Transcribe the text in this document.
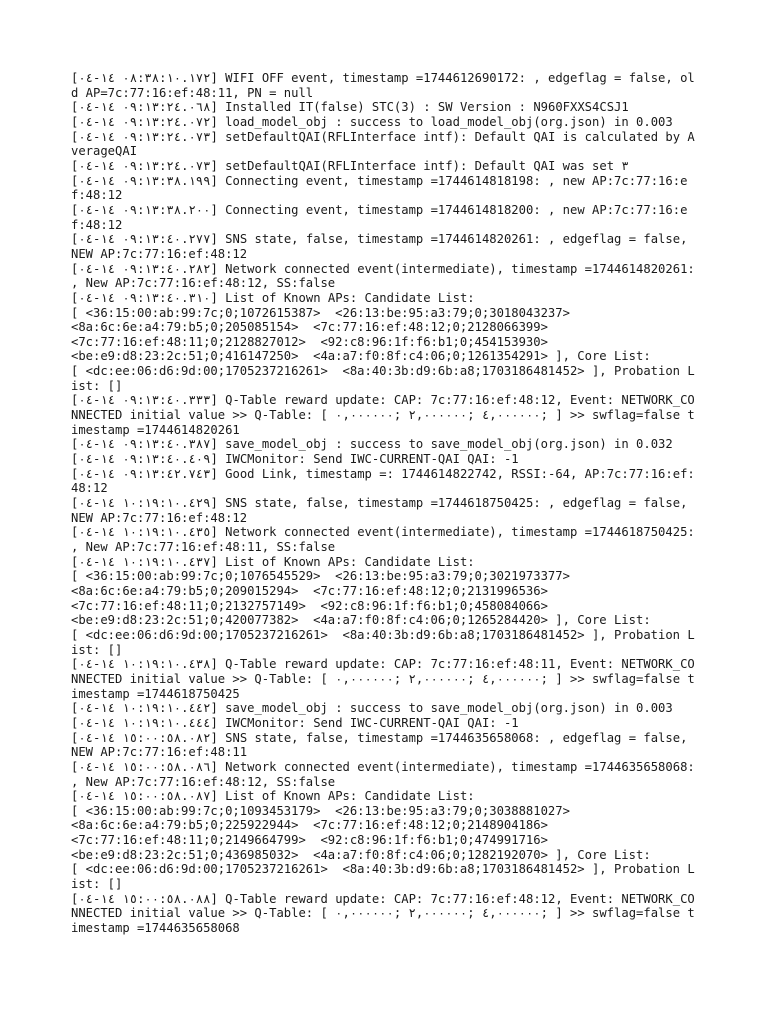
[٠٨:٣٨:١٠.١٧٢ ١٤-٠٤] WIFI OFF event, timestamp =1744612690172: , edgeflag = false, old AP=7c:77:16:ef:48:11, PN = null
[٠٩:١٣:٢٤.٠٦٨ ١٤-٠٤] Installed IT(false) STC(3) : SW Version : N960FXXS4CSJ1
[٠٩:١٣:٢٤.٠٧٢ ١٤-٠٤] load_model_obj : success to load_model_obj(org.json) in 0.003
[٠٩:١٣:٢٤.٠٧٣ ١٤-٠٤] setDefaultQAI(RFLInterface intf): Default QAI is calculated by AverageQAI
[٠٩:١٣:٢٤.٠٧٣ ١٤-٠٤] setDefaultQAI(RFLInterface intf): Default QAI was set ٣
[٠٩:١٣:٣٨.١٩٩ ١٤-٠٤] Connecting event, timestamp =1744614818198: , new AP:7c:77:16:ef:48:12
[٠٩:١٣:٣٨.٢٠٠ ١٤-٠٤] Connecting event, timestamp =1744614818200: , new AP:7c:77:16:ef:48:12
[٠٩:١٣:٤٠.٢٧٧ ١٤-٠٤] SNS state, false, timestamp =1744614820261: , edgeflag = false, NEW AP:7c:77:16:ef:48:12
[٠٩:١٣:٤٠.٢٨٢ ١٤-٠٤] Network connected event(intermediate), timestamp =1744614820261: , New AP:7c:77:16:ef:48:12, SS:false
[٠٩:١٣:٤٠.٣١٠ ١٤-٠٤] List of Known APs: Candidate List:
[ <36:15:00:ab:99:7c;0;1072615387>  <26:13:be:95:a3:79;0;3018043237>
<8a:6c:6e:a4:79:b5;0;205085154>  <7c:77:16:ef:48:12;0;2128066399>
<7c:77:16:ef:48:11;0;2128827012>  <92:c8:96:1f:f6:b1;0;454153930>
<be:e9:d8:23:2c:51;0;416147250>  <4a:a7:f0:8f:c4:06;0;1261354291> ], Core List:
[ <dc:ee:06:d6:9d:00;1705237216261>  <8a:40:3b:d9:6b:a8;1703186481452> ], Probation List: []
[٠٩:١٣:٤٠.٣٣٣ ١٤-٠٤] Q-Table reward update: CAP: 7c:77:16:ef:48:12, Event: NETWORK_CONNECTED initial value >> Q-Table: [ ٤,٠٠٠٠٠٠ ;٢,٠٠٠٠٠٠ ;٠,٠٠٠٠٠٠; ] >> swflag=false timestamp =1744614820261
[٠٩:١٣:٤٠.٣٨٧ ١٤-٠٤] save_model_obj : success to save_model_obj(org.json) in 0.032
[٠٩:١٣:٤٠.٤٠٩ ١٤-٠٤] IWCMonitor: Send IWC-CURRENT-QAI QAI: -1
[٠٩:١٣:٤٢.٧٤٣ ١٤-٠٤] Good Link, timestamp =: 1744614822742, RSSI:-64, AP:7c:77:16:ef:48:12
[١٠:١٩:١٠.٤٢٩ ١٤-٠٤] SNS state, false, timestamp =1744618750425: , edgeflag = false, NEW AP:7c:77:16:ef:48:12
[١٠:١٩:١٠.٤٣٥ ١٤-٠٤] Network connected event(intermediate), timestamp =1744618750425: , New AP:7c:77:16:ef:48:11, SS:false
[١٠:١٩:١٠.٤٣٧ ١٤-٠٤] List of Known APs: Candidate List:
[ <36:15:00:ab:99:7c;0;1076545529>  <26:13:be:95:a3:79;0;3021973377>
<8a:6c:6e:a4:79:b5;0;209015294>  <7c:77:16:ef:48:12;0;2131996536>
<7c:77:16:ef:48:11;0;2132757149>  <92:c8:96:1f:f6:b1;0;458084066>
<be:e9:d8:23:2c:51;0;420077382>  <4a:a7:f0:8f:c4:06;0;1265284420> ], Core List:
[ <dc:ee:06:d6:9d:00;1705237216261>  <8a:40:3b:d9:6b:a8;1703186481452> ], Probation List: []
[١٠:١٩:١٠.٤٣٨ ١٤-٠٤] Q-Table reward update: CAP: 7c:77:16:ef:48:11, Event: NETWORK_CONNECTED initial value >> Q-Table: [ ٤,٠٠٠٠٠٠ ;٢,٠٠٠٠٠٠ ;٠,٠٠٠٠٠٠; ] >> swflag=false timestamp =1744618750425
[١٠:١٩:١٠.٤٤٢ ١٤-٠٤] save_model_obj : success to save_model_obj(org.json) in 0.003
[١٠:١٩:١٠.٤٤٤ ١٤-٠٤] IWCMonitor: Send IWC-CURRENT-QAI QAI: -1
[١٥:٠٠:٥٨.٠٨٢ ١٤-٠٤] SNS state, false, timestamp =1744635658068: , edgeflag = false, NEW AP:7c:77:16:ef:48:11
[١٥:٠٠:٥٨.٠٨٦ ١٤-٠٤] Network connected event(intermediate), timestamp =1744635658068: , New AP:7c:77:16:ef:48:12, SS:false
[١٥:٠٠:٥٨.٠٨٧ ١٤-٠٤] List of Known APs: Candidate List:
[ <36:15:00:ab:99:7c;0;1093453179>  <26:13:be:95:a3:79;0;3038881027>
<8a:6c:6e:a4:79:b5;0;225922944>  <7c:77:16:ef:48:12;0;2148904186>
<7c:77:16:ef:48:11;0;2149664799>  <92:c8:96:1f:f6:b1;0;474991716>
<be:e9:d8:23:2c:51;0;436985032>  <4a:a7:f0:8f:c4:06;0;1282192070> ], Core List:
[ <dc:ee:06:d6:9d:00;1705237216261>  <8a:40:3b:d9:6b:a8;1703186481452> ], Probation List: []
[١٥:٠٠:٥٨.٠٨٨ ١٤-٠٤] Q-Table reward update: CAP: 7c:77:16:ef:48:12, Event: NETWORK_CONNECTED initial value >> Q-Table: [ ٤,٠٠٠٠٠٠ ;٢,٠٠٠٠٠٠ ;٠,٠٠٠٠٠٠; ] >> swflag=false timestamp =1744635658068
